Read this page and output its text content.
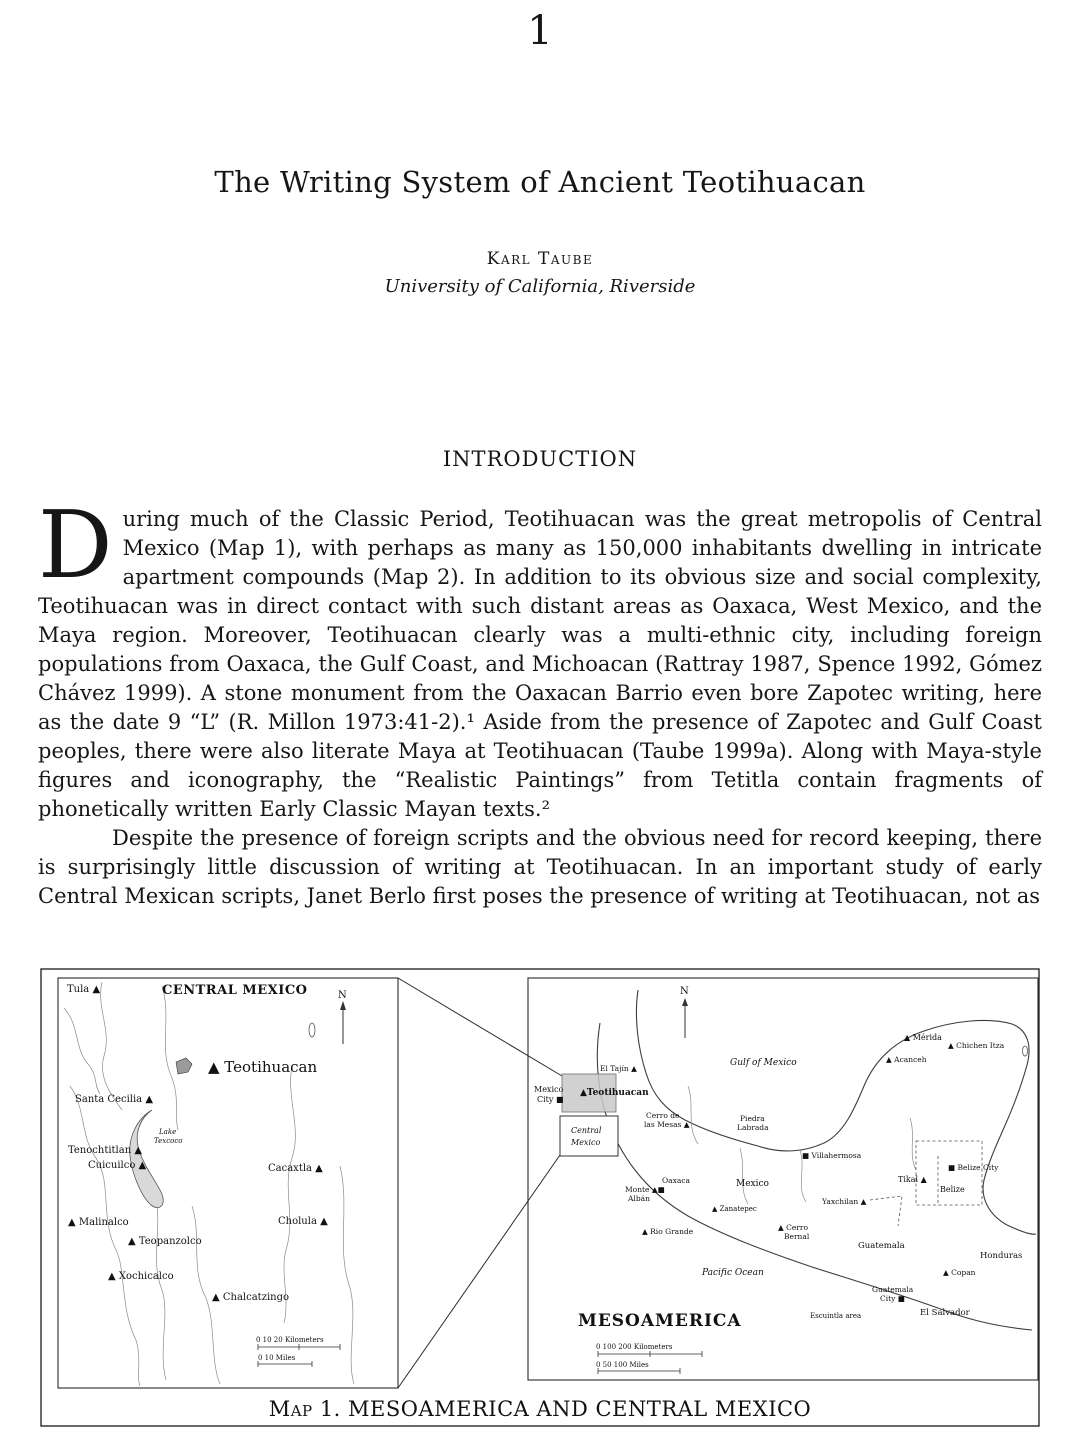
1
The Writing System of Ancient Teotihuacan
Karl Taube
University of California, Riverside
INTRODUCTION

During much of the Classic Period, Teotihuacan was the great metropolis of Central Mexico (Map 1), with perhaps as many as 150,000 inhabitants dwelling in intricate apartment compounds (Map 2). In addition to its obvious size and social complexity, Teotihuacan was in direct contact with such distant areas as Oaxaca, West Mexico, and the Maya region. Moreover, Teotihuacan clearly was a multi-ethnic city, including foreign populations from Oaxaca, the Gulf Coast, and Michoacan (Rattray 1987, Spence 1992, Gómez Chávez 1999). A stone monument from the Oaxacan Barrio even bore Zapotec writing, here as the date 9 “L” (R. Millon 1973:41-2).¹ Aside from the presence of Zapotec and Gulf Coast peoples, there were also literate Maya at Teotihuacan (Taube 1999a). Along with Maya-style figures and iconography, the “Realistic Paintings” from Tetitla contain fragments of phonetically written Early Classic Mayan texts.²

Despite the presence of foreign scripts and the obvious need for record keeping, there is surprisingly little discussion of writing at Teotihuacan. In an important study of early Central Mexican scripts, Janet Berlo first poses the presence of writing at Teotihuacan, not as

N
CENTRAL MEXICO
Tula ▲
▲ Teotihuacan
Santa Cecilia ▲
Lake
Texcoco
Tenochtitlan ▲
Cuicuilco ▲	Cacaxtla ▲
▲ Malinalco	Cholula ▲
▲ Teopanzolco
▲ Xochicalco
▲ Chalcatzingo
0 10 20 Kilometers
0 10 Miles
Central
Mexico
N
Gulf of Mexico
Pacific Ocean
▲ Mérida
▲ Chichen Itza
▲ Acanceh
El Tajín ▲
Mexico
City ■
▲Teotihuacan
Cerro de
las Mesas ▲
Piedra
Labrada
■ Villahermosa
Oaxaca	Mexico
Monte ▲■
Albán
Tikal ▲
■ Belize City
Belize
Yaxchilan ▲
▲ Zanatepec
▲ Rio Grande	▲ Cerro
Bernal
Guatemala
Honduras
▲ Copan
Guatemala
City ■
El Salvador
Escuintla area
MESOAMERICA
0 100 200 Kilometers
0 50 100 Miles
Map 1. MESOAMERICA AND CENTRAL MEXICO
